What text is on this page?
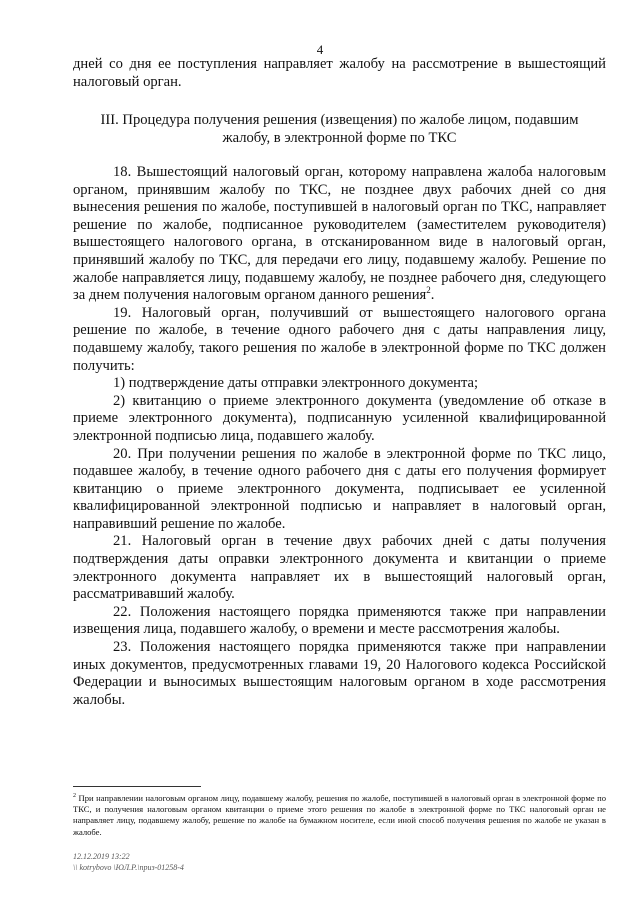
4

дней со дня ее поступления направляет жалобу на рассмотрение в вышестоящий налоговый орган.

III. Процедура получения решения (извещения) по жалобе лицом, подавшим
жалобу, в электронной форме по ТКС

18. Вышестоящий налоговый орган, которому направлена жалоба налоговым органом, принявшим жалобу по ТКС, не позднее двух рабочих дней со дня вынесения решения по жалобе, поступившей в налоговый орган по ТКС, направляет решение по жалобе, подписанное руководителем (заместителем руководителя) вышестоящего налогового органа, в отсканированном виде в налоговый орган, принявший жалобу по ТКС, для передачи его лицу, подавшему жалобу. Решение по жалобе направляется лицу, подавшему жалобу, не позднее рабочего дня, следующего за днем получения налоговым органом данного решения$^2$.

19. Налоговый орган, получивший от вышестоящего налогового органа решение по жалобе, в течение одного рабочего дня с даты направления лицу, подавшему жалобу, такого решения по жалобе в электронной форме по ТКС должен получить:

1) подтверждение даты отправки электронного документа;

2) квитанцию о приеме электронного документа (уведомление об отказе в приеме электронного документа), подписанную усиленной квалифицированной электронной подписью лица, подавшего жалобу.

20. При получении решения по жалобе в электронной форме по ТКС лицо, подавшее жалобу, в течение одного рабочего дня с даты его получения формирует квитанцию о приеме электронного документа, подписывает ее усиленной квалифицированной электронной подписью и направляет в налоговый орган, направивший решение по жалобе.

21. Налоговый орган в течение двух рабочих дней с даты получения подтверждения даты оправки электронного документа и квитанции о приеме электронного документа направляет их в вышестоящий налоговый орган, рассматривавший жалобу.

22. Положения настоящего порядка применяются также при направлении извещения лица, подавшего жалобу, о времени и месте рассмотрения жалобы.

23. Положения настоящего порядка применяются также при направлении иных документов, предусмотренных главами 19, 20 Налогового кодекса Российской Федерации и выносимых вышестоящим налоговым органом в ходе рассмотрения жалобы.

$^2$ При направлении налоговым органом лицу, подавшему жалобу, решения по жалобе, поступившей в налоговый орган в электронной форме по ТКС, и получения налоговым органом квитанции о приеме этого решения по жалобе в электронной форме по ТКС налоговый орган не направляет лицу, подавшему жалобу, решение по жалобе на бумажном носителе, если иной способ получения решения по жалобе не указан в жалобе.
12.12.2019 13:22
\\ kotrybovo \ЮЛ.Р.\приз-01258-4
